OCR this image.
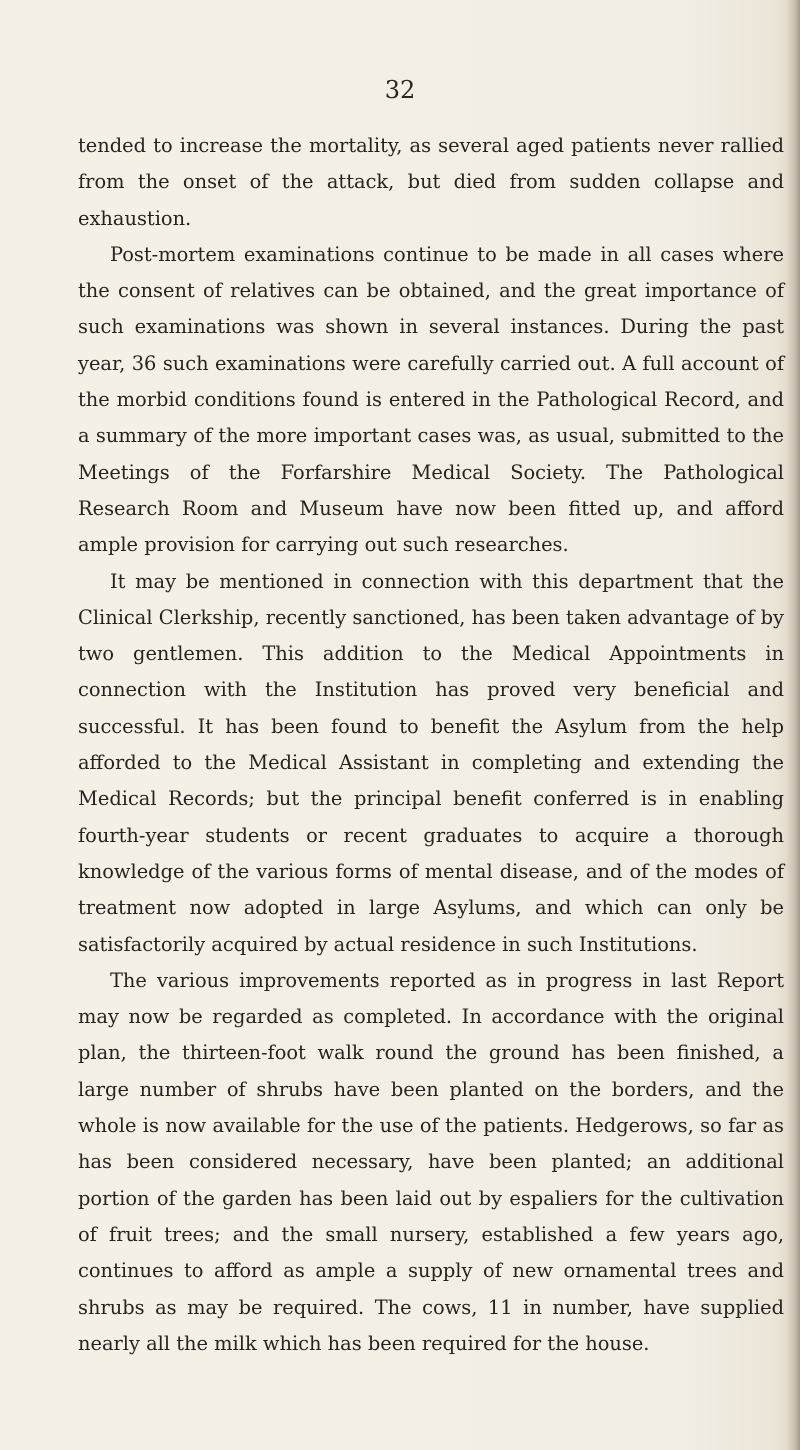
32

tended to increase the mortality, as several aged patients never rallied from the onset of the attack, but died from sudden collapse and exhaustion.

Post-mortem examinations continue to be made in all cases where the consent of relatives can be obtained, and the great importance of such examinations was shown in several instances. During the past year, 36 such examinations were carefully carried out. A full account of the morbid conditions found is entered in the Pathological Record, and a summary of the more important cases was, as usual, submitted to the Meetings of the Forfarshire Medical Society. The Pathological Research Room and Museum have now been fitted up, and afford ample provision for carrying out such researches.

It may be mentioned in connection with this department that the Clinical Clerkship, recently sanctioned, has been taken advantage of by two gentlemen. This addition to the Medical Appointments in connection with the Institution has proved very beneficial and successful. It has been found to benefit the Asylum from the help afforded to the Medical Assistant in completing and extending the Medical Records; but the principal benefit conferred is in enabling fourth-year students or recent graduates to acquire a thorough knowledge of the various forms of mental disease, and of the modes of treatment now adopted in large Asylums, and which can only be satisfactorily acquired by actual residence in such Institutions.

The various improvements reported as in progress in last Report may now be regarded as completed. In accordance with the original plan, the thirteen-foot walk round the ground has been finished, a large number of shrubs have been planted on the borders, and the whole is now available for the use of the patients. Hedgerows, so far as has been considered necessary, have been planted; an additional portion of the garden has been laid out by espaliers for the cultivation of fruit trees; and the small nursery, established a few years ago, continues to afford as ample a supply of new ornamental trees and shrubs as may be required. The cows, 11 in number, have supplied nearly all the milk which has been required for the house.
